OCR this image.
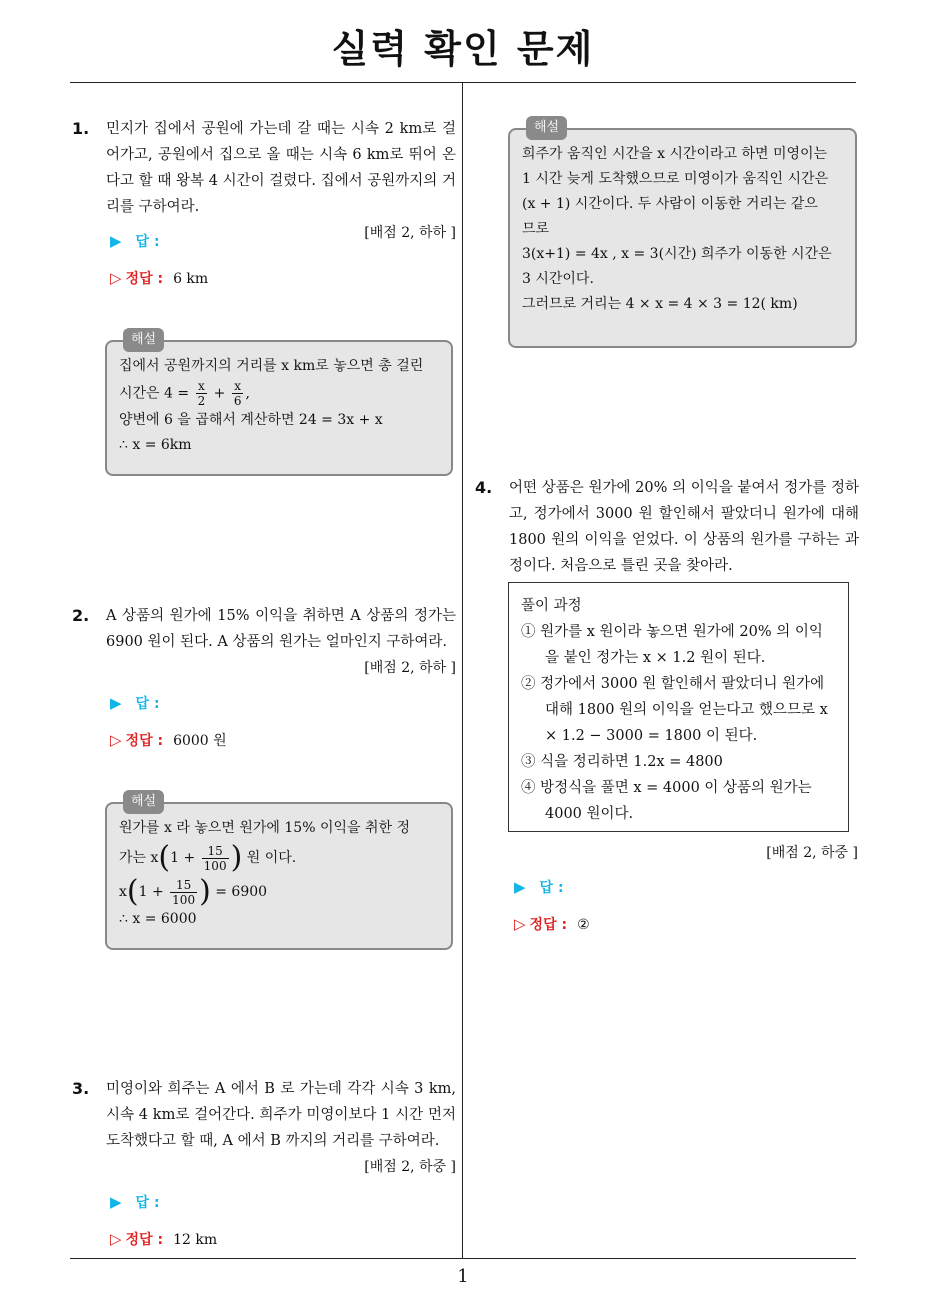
실력 확인 문제
1
1. 민지가 집에서 공원에 가는데 갈 때는 시속 2 km로 걸어가고, 공원에서 집으로 올 때는 시속 6 km로 뛰어 온다고 할 때 왕복 4 시간이 걸렸다. 집에서 공원까지의 거리를 구하여라.
[배점 2, 하하 ]
▶ 답 :
▷ 정답 : 6 km
해설
집에서 공원까지의 거리를 x km로 놓으면 총 걸린
시간은 $4 = \frac{x}{2} + \frac{x}{6}$ ,
양변에 6 을 곱해서 계산하면 24 = 3x + x
∴ x = 6km
2. A 상품의 원가에 15% 이익을 취하면 A 상품의 정가는 6900 원이 된다. A 상품의 원가는 얼마인지 구하여라.
[배점 2, 하하 ]
▶ 답 :
▷ 정답 : 6000 원
해설
원가를 x 라 놓으면 원가에 15% 이익을 취한 정
가는 $x(1 + \frac{15}{100}$ ) 원 이다.
$x(1 + \frac{15}{100}$ ) = 6900
∴ x = 6000
3. 미영이와 희주는 A 에서 B 로 가는데 각각 시속 3 km, 시속 4 km로 걸어간다. 희주가 미영이보다 1 시간 먼저 도착했다고 할 때, A 에서 B 까지의 거리를 구하여라.
[배점 2, 하중 ]
▶ 답 :
▷ 정답 : 12 km
해설
희주가 움직인 시간을 x 시간이라고 하면 미영이는
1 시간 늦게 도착했으므로 미영이가 움직인 시간은
(x + 1) 시간이다. 두 사람이 이동한 거리는 같으
므로
3(x+1) = 4x , x = 3(시간) 희주가 이동한 시간은
3 시간이다.
그러므로 거리는 4 × x = 4 × 3 = 12( km)
4. 어떤 상품은 원가에 20% 의 이익을 붙여서 정가를 정하고, 정가에서 3000 원 할인해서 팔았더니 원가에 대해 1800 원의 이익을 얻었다. 이 상품의 원가를 구하는 과정이다. 처음으로 틀린 곳을 찾아라.
풀이 과정
① 원가를 x 원이라 놓으면 원가에 20% 의 이익을 붙인 정가는 x × 1.2 원이 된다.
② 정가에서 3000 원 할인해서 팔았더니 원가에 대해 1800 원의 이익을 얻는다고 했으므로 x × 1.2 − 3000 = 1800 이 된다.
③ 식을 정리하면 1.2x = 4800
④ 방정식을 풀면 x = 4000 이 상품의 원가는 4000 원이다.
[배점 2, 하중 ]
▶ 답 :
▷ 정답 : ②
